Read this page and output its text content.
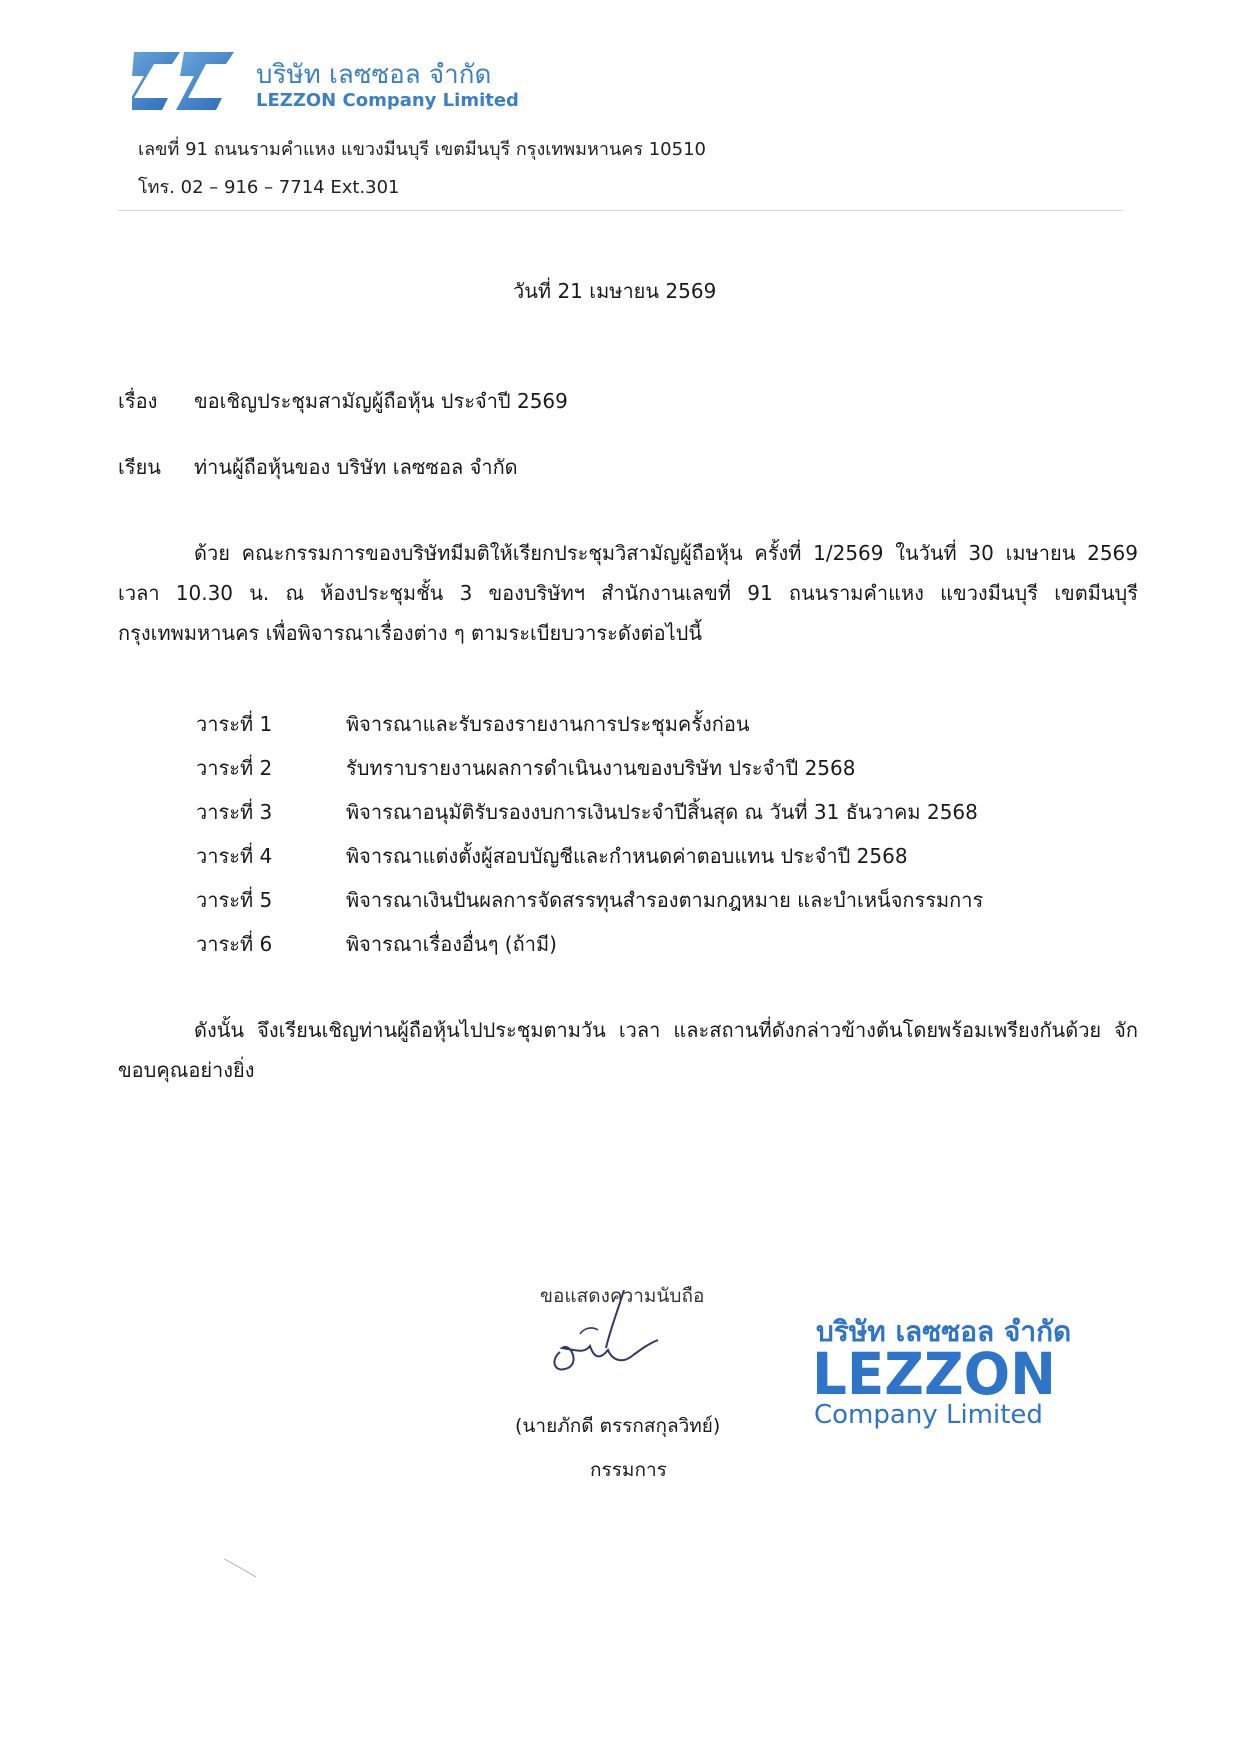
บริษัท เลซซอล จำกัด
LEZZON Company Limited
เลขที่ 91 ถนนรามคำแหง แขวงมีนบุรี เขตมีนบุรี กรุงเทพมหานคร 10510
โทร. 02 – 916 – 7714 Ext.301
วันที่ 21 เมษายน 2569
เรื่อง ขอเชิญประชุมสามัญผู้ถือหุ้น ประจำปี 2569
เรียน ท่านผู้ถือหุ้นของ บริษัท เลซซอล จำกัด
ด้วย คณะกรรมการของบริษัทมีมติให้เรียกประชุมวิสามัญผู้ถือหุ้น ครั้งที่ 1/2569 ในวันที่ 30 เมษายน 2569 เวลา 10.30 น. ณ ห้องประชุมชั้น 3 ของบริษัทฯ สำนักงานเลขที่ 91 ถนนรามคำแหง แขวงมีนบุรี เขตมีนบุรี กรุงเทพมหานคร เพื่อพิจารณาเรื่องต่าง ๆ ตามระเบียบวาระดังต่อไปนี้
วาระที่ 1	พิจารณาและรับรองรายงานการประชุมครั้งก่อน
วาระที่ 2	รับทราบรายงานผลการดำเนินงานของบริษัท ประจำปี 2568
วาระที่ 3	พิจารณาอนุมัติรับรองงบการเงินประจำปีสิ้นสุด ณ วันที่ 31 ธันวาคม 2568
วาระที่ 4	พิจารณาแต่งตั้งผู้สอบบัญชีและกำหนดค่าตอบแทน ประจำปี 2568
วาระที่ 5	พิจารณาเงินปันผลการจัดสรรทุนสำรองตามกฎหมาย และบำเหน็จกรรมการ
วาระที่ 6	พิจารณาเรื่องอื่นๆ (ถ้ามี)
ดังนั้น จึงเรียนเชิญท่านผู้ถือหุ้นไปประชุมตามวัน เวลา และสถานที่ดังกล่าวข้างต้นโดยพร้อมเพรียงกันด้วย จักขอบคุณอย่างยิ่ง
ขอแสดงความนับถือ
(นายภักดี ตรรกสกุลวิทย์)
กรรมการ
บริษัท เลซซอล จำกัด
LEZZON
Company Limited
